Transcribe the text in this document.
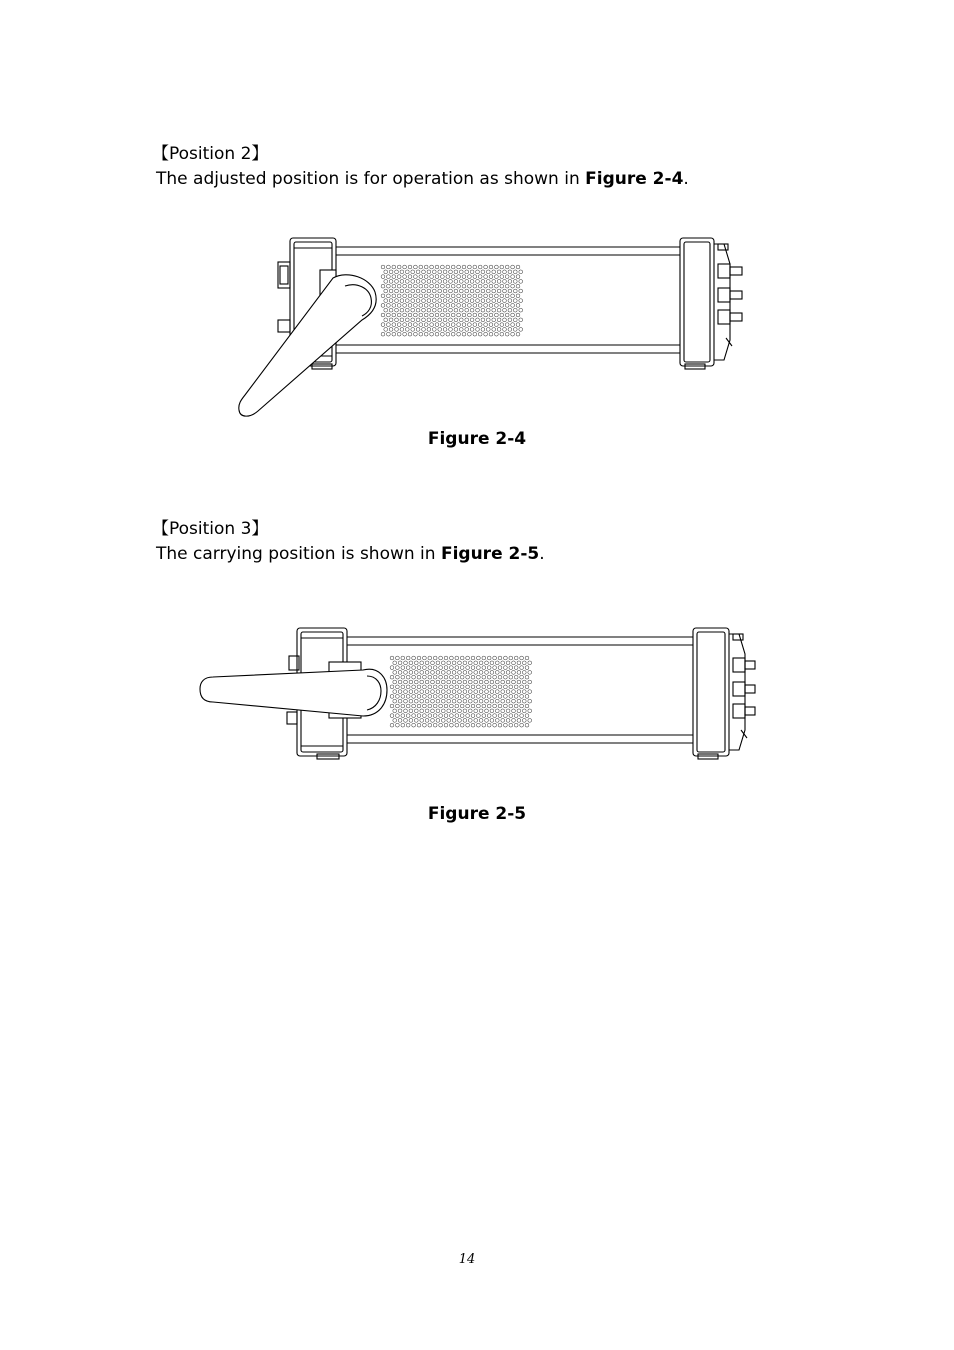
【Position 2】
The adjusted position is for operation as shown in Figure 2-4.
Figure 2-4
【Position 3】
The carrying position is shown in Figure 2-5.
Figure 2-5
14
